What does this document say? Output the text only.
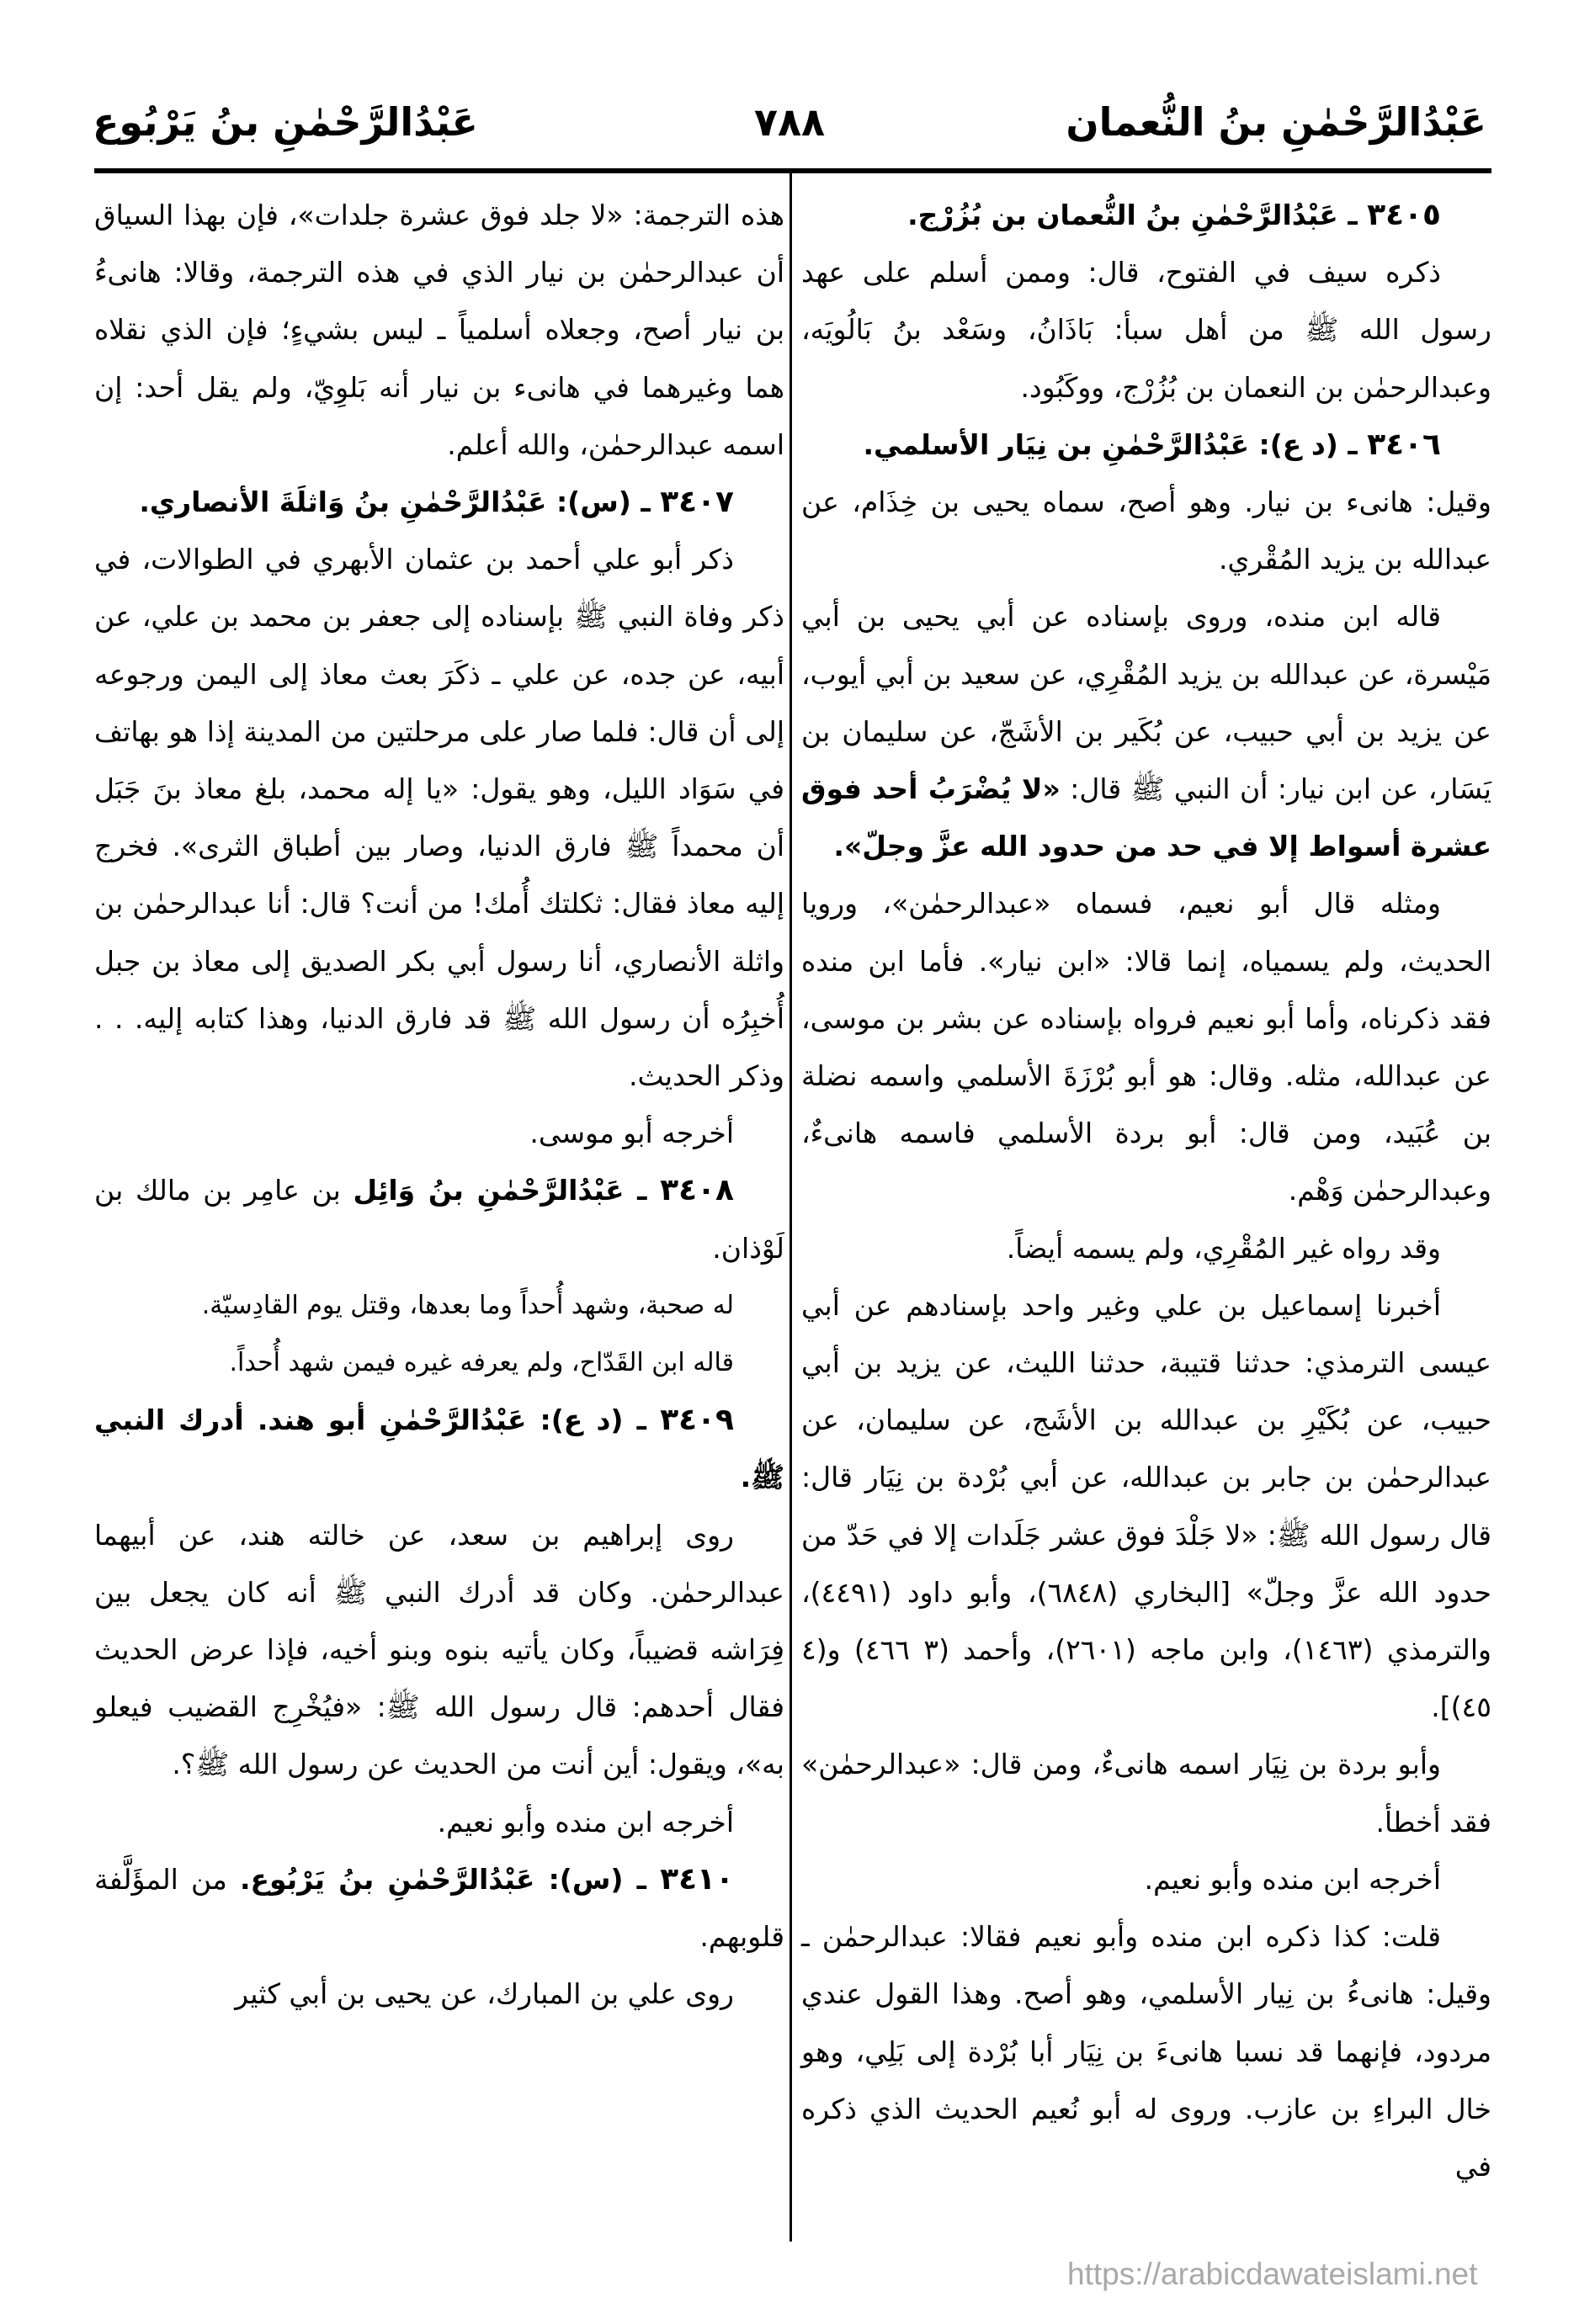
عَبْدُالرَّحْمٰنِ بنُ النُّعمان
٧٨٨
عَبْدُالرَّحْمٰنِ بنُ يَرْبُوع

٣٤٠٥ ـ عَبْدُالرَّحْمٰنِ بنُ النُّعمان بن بُزُرْج.

ذكره سيف في الفتوح، قال: وممن أسلم على عهد رسول الله ﷺ من أهل سبأ: بَاذَانُ، وسَعْد بنُ بَالُويَه، وعبدالرحمٰن بن النعمان بن بُزُرْج، ووكَبُود.

٣٤٠٦ ـ (د ع): عَبْدُالرَّحْمٰنِ بن نِيَار الأسلمي.

وقيل: هانىء بن نيار. وهو أصح، سماه يحيى بن خِذَام، عن عبدالله بن يزيد المُقْري.

قاله ابن منده، وروى بإسناده عن أبي يحيى بن أبي مَيْسرة، عن عبدالله بن يزيد المُقْرِي، عن سعيد بن أبي أيوب، عن يزيد بن أبي حبيب، عن بُكَير بن الأشَجّ، عن سليمان بن يَسَار، عن ابن نيار: أن النبي ﷺ قال: «لا يُضْرَبُ أحد فوق عشرة أسواط إلا في حد من حدود الله عزَّ وجلّ».

ومثله قال أبو نعيم، فسماه «عبدالرحمٰن»، ورويا الحديث، ولم يسمياه، إنما قالا: «ابن نيار». فأما ابن منده فقد ذكرناه، وأما أبو نعيم فرواه بإسناده عن بشر بن موسى، عن عبدالله، مثله. وقال: هو أبو بُرْزَةَ الأسلمي واسمه نضلة بن عُبَيد، ومن قال: أبو بردة الأسلمي فاسمه هانىءٌ، وعبدالرحمٰن وَهْم.

وقد رواه غير المُقْرِي، ولم يسمه أيضاً.

أخبرنا إسماعيل بن علي وغير واحد بإسنادهم عن أبي عيسى الترمذي: حدثنا قتيبة، حدثنا الليث، عن يزيد بن أبي حبيب، عن بُكَيْرِ بن عبدالله بن الأشَج، عن سليمان، عن عبدالرحمٰن بن جابر بن عبدالله، عن أبي بُرْدة بن نِيَار قال: قال رسول الله ﷺ: «لا جَلْدَ فوق عشر جَلَدات إلا في حَدّ من حدود الله عزَّ وجلّ» [البخاري (٦٨٤٨)، وأبو داود (٤٤٩١)، والترمذي (١٤٦٣)، وابن ماجه (٢٦٠١)، وأحمد (٣ ٤٦٦) و(٤ ٤٥)].

وأبو بردة بن نِيَار اسمه هانىءٌ، ومن قال: «عبدالرحمٰن» فقد أخطأ.

أخرجه ابن منده وأبو نعيم.

قلت: كذا ذكره ابن منده وأبو نعيم فقالا: عبدالرحمٰن ـ وقيل: هانىءُ بن نِيار الأسلمي، وهو أصح. وهذا القول عندي مردود، فإنهما قد نسبا هانىءَ بن نِيَار أبا بُرْدة إلى بَلِي، وهو خال البراءِ بن عازب. وروى له أبو نُعيم الحديث الذي ذكره في

هذه الترجمة: «لا جلد فوق عشرة جلدات»، فإن بهذا السياق أن عبدالرحمٰن بن نيار الذي في هذه الترجمة، وقالا: هانىءُ بن نيار أصح، وجعلاه أسلمياً ـ ليس بشيءٍ؛ فإن الذي نقلاه هما وغيرهما في هانىء بن نيار أنه بَلوِيّ، ولم يقل أحد: إن اسمه عبدالرحمٰن، والله أعلم.

٣٤٠٧ ـ (س): عَبْدُالرَّحْمٰنِ بنُ وَاثلَةَ الأنصاري.

ذكر أبو علي أحمد بن عثمان الأبهري في الطوالات، في ذكر وفاة النبي ﷺ بإسناده إلى جعفر بن محمد بن علي، عن أبيه، عن جده، عن علي ـ ذكَرَ بعث معاذ إلى اليمن ورجوعه إلى أن قال: فلما صار على مرحلتين من المدينة إذا هو بهاتف في سَوَاد الليل، وهو يقول: «يا إله محمد، بلغ معاذ بنَ جَبَل أن محمداً ﷺ فارق الدنيا، وصار بين أطباق الثرى». فخرج إليه معاذ فقال: ثكلتك أُمك! من أنت؟ قال: أنا عبدالرحمٰن بن واثلة الأنصاري، أنا رسول أبي بكر الصديق إلى معاذ بن جبل أُخبِرُه أن رسول الله ﷺ قد فارق الدنيا، وهذا كتابه إليه. . . وذكر الحديث.

أخرجه أبو موسى.

٣٤٠٨ ـ عَبْدُالرَّحْمٰنِ بنُ وَائِل بن عامِر بن مالك بن لَوْذان.

له صحبة، وشهد أُحداً وما بعدها، وقتل يوم القادِسيّة.

قاله ابن القَدّاح، ولم يعرفه غيره فيمن شهد أُحداً.

٣٤٠٩ ـ (د ع): عَبْدُالرَّحْمٰنِ أبو هند. أدرك النبي ﷺ.

روى إبراهيم بن سعد، عن خالته هند، عن أبيهما عبدالرحمٰن. وكان قد أدرك النبي ﷺ أنه كان يجعل بين فِرَاشه قضيباً، وكان يأتيه بنوه وبنو أخيه، فإذا عرض الحديث فقال أحدهم: قال رسول الله ﷺ: «فيُخْرِج القضيب فيعلو به»، ويقول: أين أنت من الحديث عن رسول الله ﷺ؟.

أخرجه ابن منده وأبو نعيم.

٣٤١٠ ـ (س): عَبْدُالرَّحْمٰنِ بنُ يَرْبُوع. من المؤَلَّفة قلوبهم.

روى علي بن المبارك، عن يحيى بن أبي كثير

https://arabicdawateislami.net
